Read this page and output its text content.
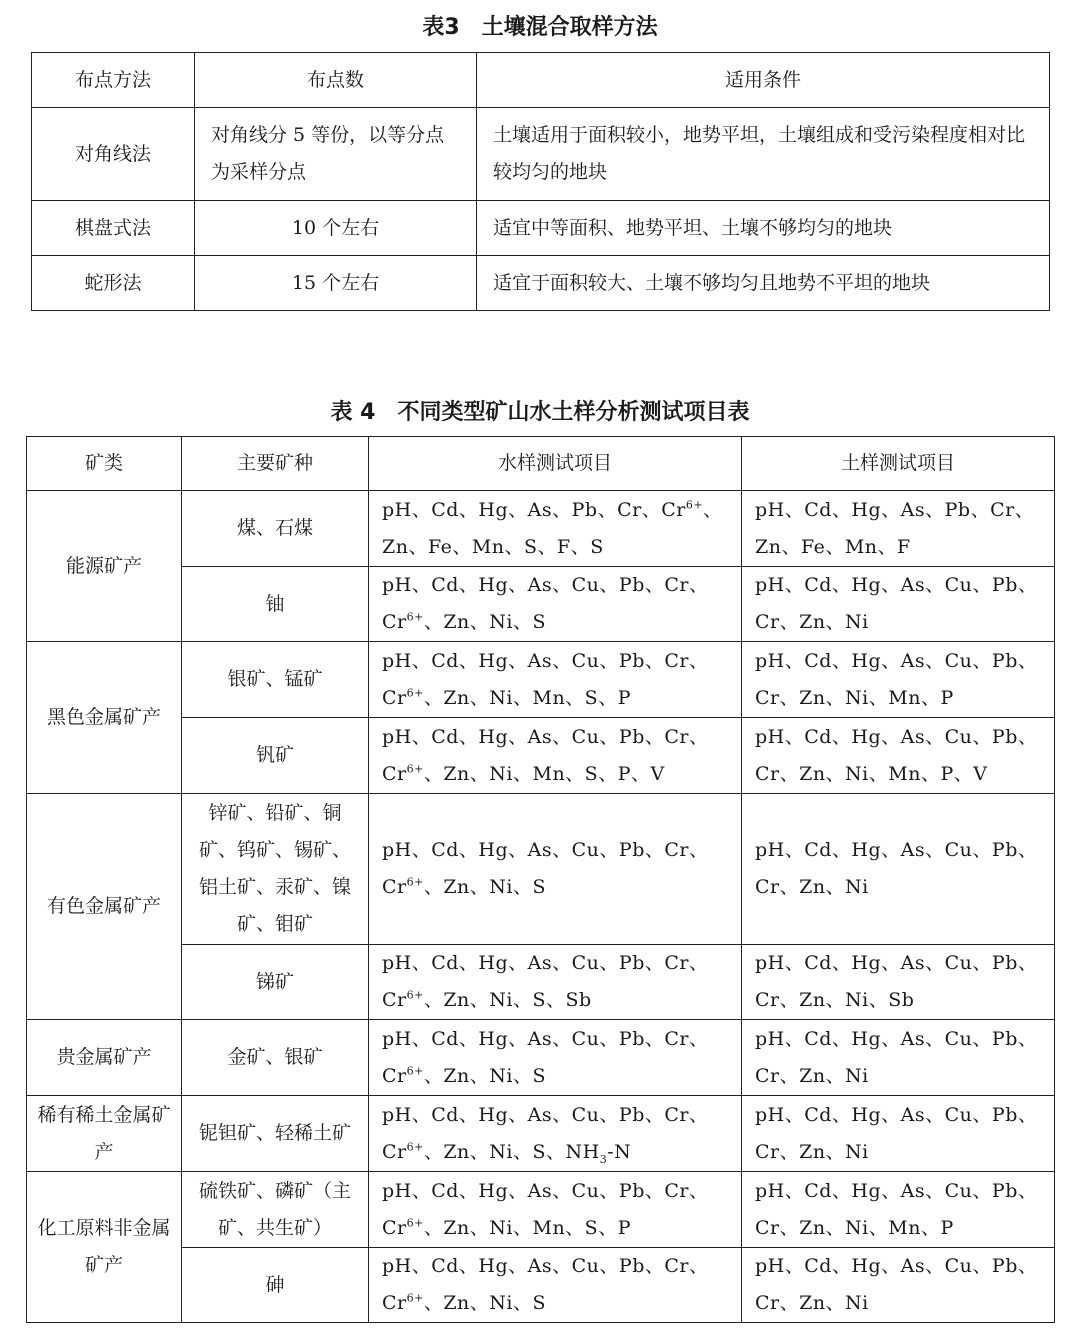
表3　土壤混合取样方法
布点方法	布点数	适用条件
对角线法	对角线分 5 等份，以等分点为采样分点	土壤适用于面积较小，地势平坦，土壤组成和受污染程度相对比较均匀的地块
棋盘式法	10 个左右	适宜中等面积、地势平坦、土壤不够均匀的地块
蛇形法	15 个左右	适宜于面积较大、土壤不够均匀且地势不平坦的地块
表 4　不同类型矿山水土样分析测试项目表
矿类	主要矿种	水样测试项目	土样测试项目
能源矿产	煤、石煤	pH、Cd、Hg、As、Pb、Cr、$Cr^{6+}$、Zn、Fe、Mn、S、F、S	pH、Cd、Hg、As、Pb、Cr、Zn、Fe、Mn、F
	铀	pH、Cd、Hg、As、Cu、Pb、Cr、$Cr^{6+}$、Zn、Ni、S	pH、Cd、Hg、As、Cu、Pb、Cr、Zn、Ni
黑色金属矿产	银矿、锰矿	pH、Cd、Hg、As、Cu、Pb、Cr、$Cr^{6+}$、Zn、Ni、Mn、S、P	pH、Cd、Hg、As、Cu、Pb、Cr、Zn、Ni、Mn、P
	钒矿	pH、Cd、Hg、As、Cu、Pb、Cr、$Cr^{6+}$、Zn、Ni、Mn、S、P、V	pH、Cd、Hg、As、Cu、Pb、Cr、Zn、Ni、Mn、P、V
有色金属矿产	锌矿、铅矿、铜矿、钨矿、锡矿、铝土矿、汞矿、镍矿、钼矿	pH、Cd、Hg、As、Cu、Pb、Cr、$Cr^{6+}$、Zn、Ni、S	pH、Cd、Hg、As、Cu、Pb、Cr、Zn、Ni
	锑矿	pH、Cd、Hg、As、Cu、Pb、Cr、$Cr^{6+}$、Zn、Ni、S、Sb	pH、Cd、Hg、As、Cu、Pb、Cr、Zn、Ni、Sb
贵金属矿产	金矿、银矿	pH、Cd、Hg、As、Cu、Pb、Cr、$Cr^{6+}$、Zn、Ni、S	pH、Cd、Hg、As、Cu、Pb、Cr、Zn、Ni
稀有稀土金属矿产	铌钽矿、轻稀土矿	pH、Cd、Hg、As、Cu、Pb、Cr、$Cr^{6+}$、Zn、Ni、S、$NH_3-N$	pH、Cd、Hg、As、Cu、Pb、Cr、Zn、Ni
化工原料非金属矿产	硫铁矿、磷矿（主矿、共生矿）	pH、Cd、Hg、As、Cu、Pb、Cr、$Cr^{6+}$、Zn、Ni、Mn、S、P	pH、Cd、Hg、As、Cu、Pb、Cr、Zn、Ni、Mn、P
	砷	pH、Cd、Hg、As、Cu、Pb、Cr、$Cr^{6+}$、Zn、Ni、S	pH、Cd、Hg、As、Cu、Pb、Cr、Zn、Ni
